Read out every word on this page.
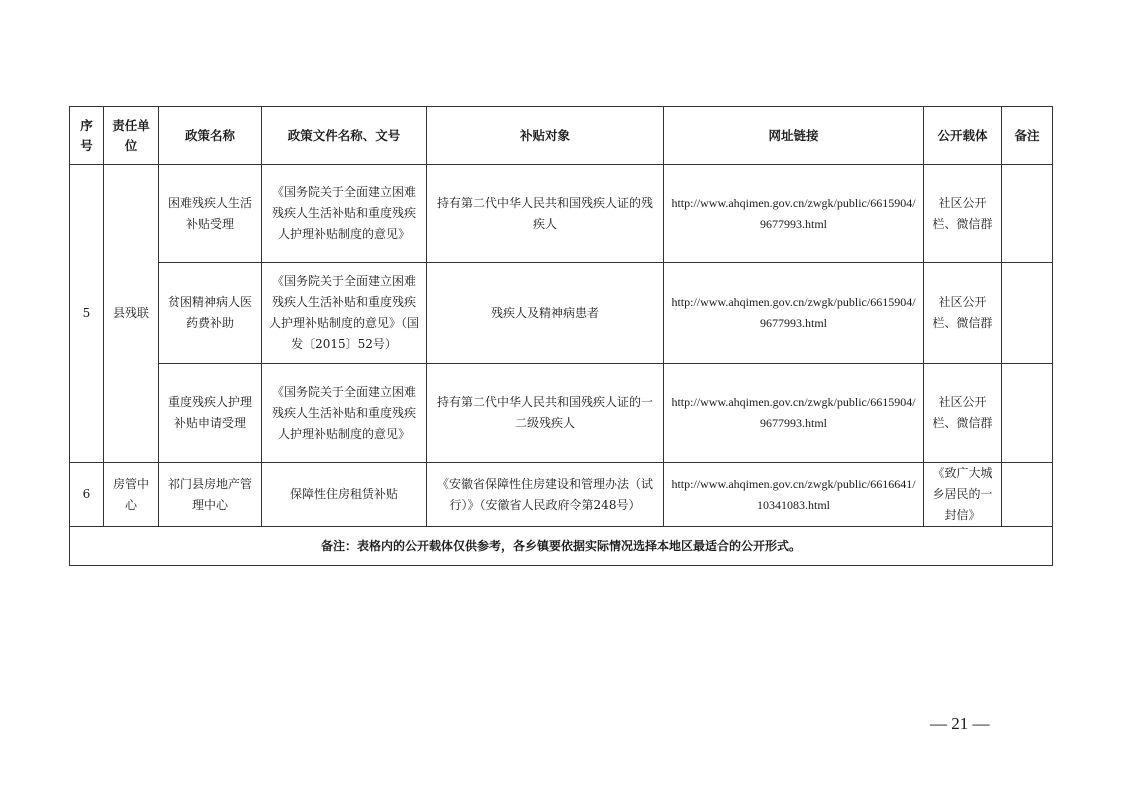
序号	责任单位	政策名称	政策文件名称、文号	补贴对象	网址链接	公开载体	备注
5	县残联	困难残疾人生活补贴受理	《国务院关于全面建立困难残疾人生活补贴和重度残疾人护理补贴制度的意见》	持有第二代中华人民共和国残疾人证的残疾人	http://www.ahqimen.gov.cn/zwgk/public/6615904/9677993.html	社区公开栏、微信群	
		贫困精神病人医药费补助	《国务院关于全面建立困难残疾人生活补贴和重度残疾人护理补贴制度的意见》（国发〔2015〕52号）	残疾人及精神病患者	http://www.ahqimen.gov.cn/zwgk/public/6615904/9677993.html	社区公开栏、微信群	
		重度残疾人护理补贴申请受理	《国务院关于全面建立困难残疾人生活补贴和重度残疾人护理补贴制度的意见》	持有第二代中华人民共和国残疾人证的一二级残疾人	http://www.ahqimen.gov.cn/zwgk/public/6615904/9677993.html	社区公开栏、微信群	
6	房管中心	祁门县房地产管理中心	保障性住房租赁补贴	《安徽省保障性住房建设和管理办法（试行）》（安徽省人民政府令第248号）	http://www.ahqimen.gov.cn/zwgk/public/6616641/10341083.html	《致广大城乡居民的一封信》	
备注：表格内的公开载体仅供参考，各乡镇要依据实际情况选择本地区最适合的公开形式。							
— 21 —
